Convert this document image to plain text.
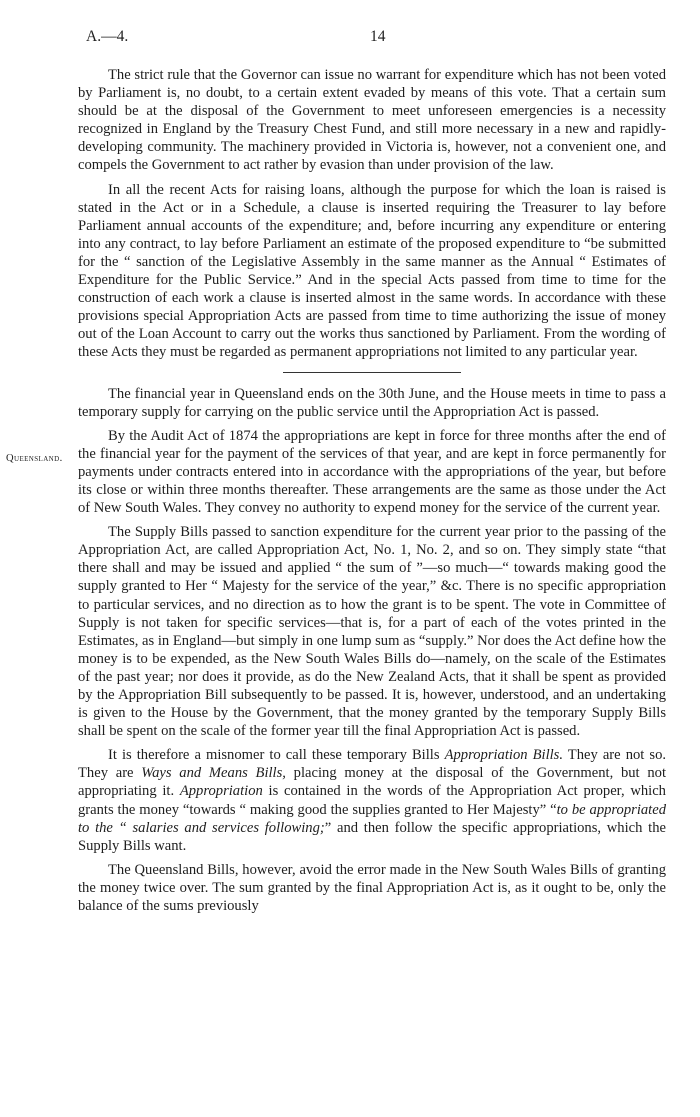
A.—4.	14
Queensland.

The strict rule that the Governor can issue no warrant for expenditure which has not been voted by Parliament is, no doubt, to a certain extent evaded by means of this vote. That a certain sum should be at the disposal of the Government to meet unforeseen emergencies is a necessity recognized in England by the Treasury Chest Fund, and still more necessary in a new and rapidly-developing community. The machinery provided in Victoria is, however, not a convenient one, and compels the Government to act rather by evasion than under provision of the law.

In all the recent Acts for raising loans, although the purpose for which the loan is raised is stated in the Act or in a Schedule, a clause is inserted requiring the Treasurer to lay before Parliament annual accounts of the expenditure; and, before incurring any expenditure or entering into any contract, to lay before Parliament an estimate of the proposed expenditure to “be submitted for the “ sanction of the Legislative Assembly in the same manner as the Annual “ Estimates of Expenditure for the Public Service.” And in the special Acts passed from time to time for the construction of each work a clause is inserted almost in the same words. In accordance with these provisions special Appropriation Acts are passed from time to time authorizing the issue of money out of the Loan Account to carry out the works thus sanctioned by Parliament. From the wording of these Acts they must be regarded as permanent appropriations not limited to any particular year.

The financial year in Queensland ends on the 30th June, and the House meets in time to pass a temporary supply for carrying on the public service until the Appropriation Act is passed.

By the Audit Act of 1874 the appropriations are kept in force for three months after the end of the financial year for the payment of the services of that year, and are kept in force permanently for payments under contracts entered into in accordance with the appropriations of the year, but before its close or within three months thereafter. These arrangements are the same as those under the Act of New South Wales. They convey no authority to expend money for the service of the current year.

The Supply Bills passed to sanction expenditure for the current year prior to the passing of the Appropriation Act, are called Appropriation Act, No. 1, No. 2, and so on. They simply state “that there shall and may be issued and applied “ the sum of ”—so much—“ towards making good the supply granted to Her “ Majesty for the service of the year,” &c. There is no specific appropriation to particular services, and no direction as to how the grant is to be spent. The vote in Committee of Supply is not taken for specific services—that is, for a part of each of the votes printed in the Estimates, as in England—but simply in one lump sum as “supply.” Nor does the Act define how the money is to be expended, as the New South Wales Bills do—namely, on the scale of the Estimates of the past year; nor does it provide, as do the New Zealand Acts, that it shall be spent as provided by the Appropriation Bill subsequently to be passed. It is, however, understood, and an undertaking is given to the House by the Government, that the money granted by the temporary Supply Bills shall be spent on the scale of the former year till the final Appropriation Act is passed.

It is therefore a misnomer to call these temporary Bills Appropriation Bills. They are not so. They are Ways and Means Bills, placing money at the disposal of the Government, but not appropriating it. Appropriation is contained in the words of the Appropriation Act proper, which grants the money “towards “ making good the supplies granted to Her Majesty” “to be appropriated to the “ salaries and services following;” and then follow the specific appropriations, which the Supply Bills want.

The Queensland Bills, however, avoid the error made in the New South Wales Bills of granting the money twice over. The sum granted by the final Appropriation Act is, as it ought to be, only the balance of the sums previously
